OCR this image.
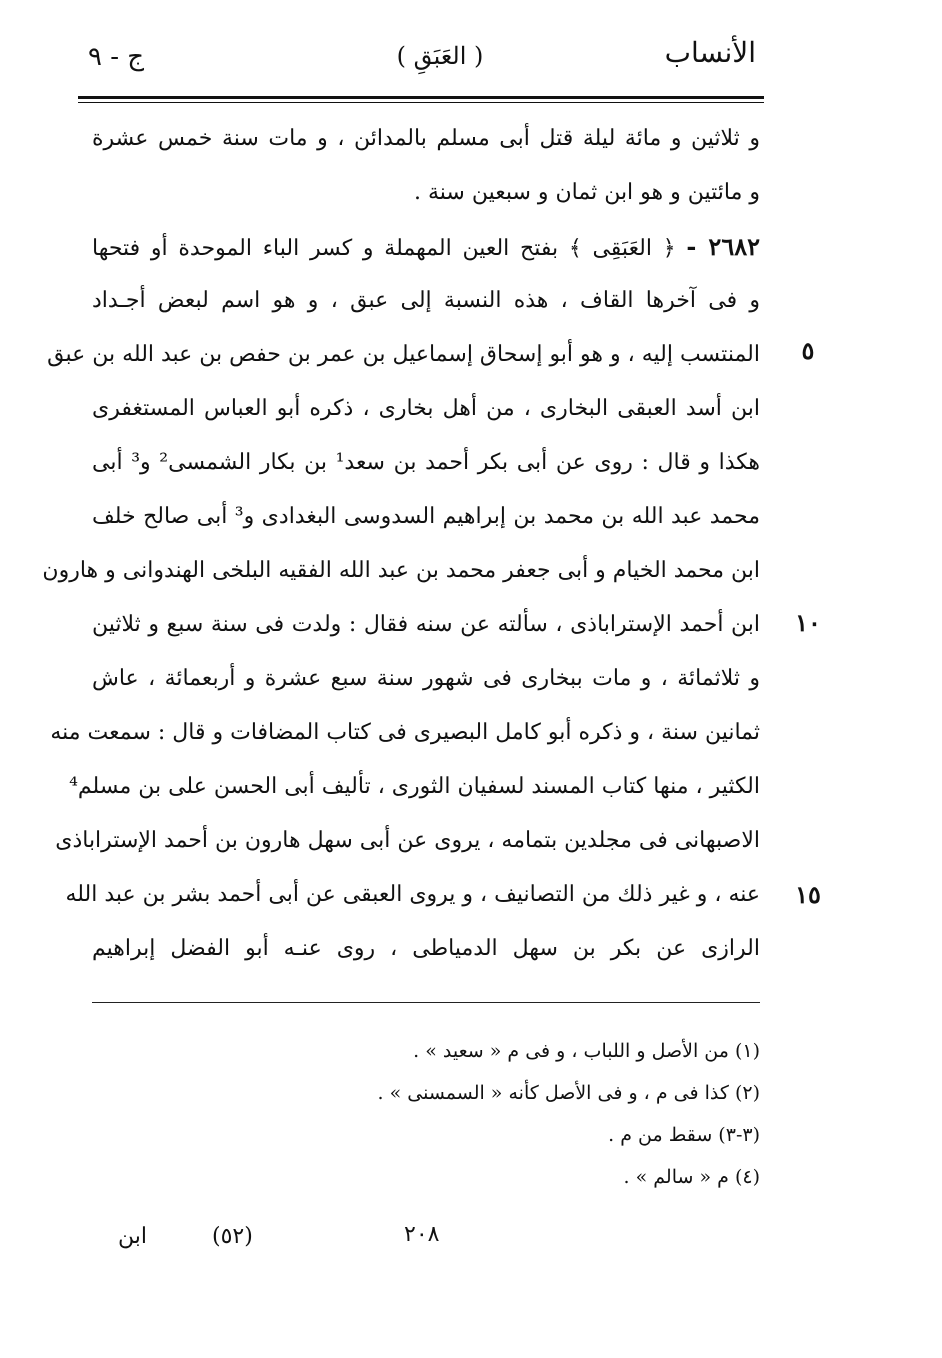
الأنساب
( العَبَقِ )
ج - ٩
و ثلاثين و مائة ليلة قتل أبى مسلم بالمدائن ، و مات سنة خمس عشرة
و مائتين و هو ابن ثمان و سبعين سنة .
٢٦٨٢ - ﴿ العَبَقِى ﴾ بفتح العين المهملة و كسر الباء الموحدة أو فتحها
و فى آخرها القاف ، هذه النسبة إلى عبق ، و هو اسم لبعض أجـداد
المنتسب إليه ، و هو أبو إسحاق إسماعيل بن عمر بن حفص بن عبد الله بن عبق
ابن أسد العبقى البخارى ، من أهل بخارى ، ذكره أبو العباس المستغفرى
هكذا و قال : روى عن أبى بكر أحمد بن سعد¹ بن بكار الشمسى² و³ أبى
محمد عبد الله بن محمد بن إبراهيم السدوسى البغدادى و³ أبى صالح خلف
ابن محمد الخيام و أبى جعفر محمد بن عبد الله الفقيه البلخى الهندوانى و هارون
ابن أحمد الإستراباذى ، سألته عن سنه فقال : ولدت فى سنة سبع و ثلاثين
و ثلاثمائة ، و مات ببخارى فى شهور سنة سبع عشرة و أربعمائة ، عاش
ثمانين سنة ، و ذكره أبو كامل البصيرى فى كتاب المضافات و قال : سمعت منه
الكثير ، منها كتاب المسند لسفيان الثورى ، تأليف أبى الحسن على بن مسلم⁴
الاصبهانى فى مجلدين بتمامه ، يروى عن أبى سهل هارون بن أحمد الإستراباذى
عنه ، و غير ذلك من التصانيف ، و يروى العبقى عن أبى أحمد بشر بن عبد الله
الرازى عن بكر بن سهل الدمياطى ، روى عنـه أبو الفضل إبراهيم
٥
١٠
١٥
(١) من الأصل و اللباب ، و فى م « سعيد » .
(٢) كذا فى م ، و فى الأصل كأنه « السمسنى » .
(٣-٣) سقط من م .
(٤) م « سالم » .
٢٠٨
(٥٢)
ابن
